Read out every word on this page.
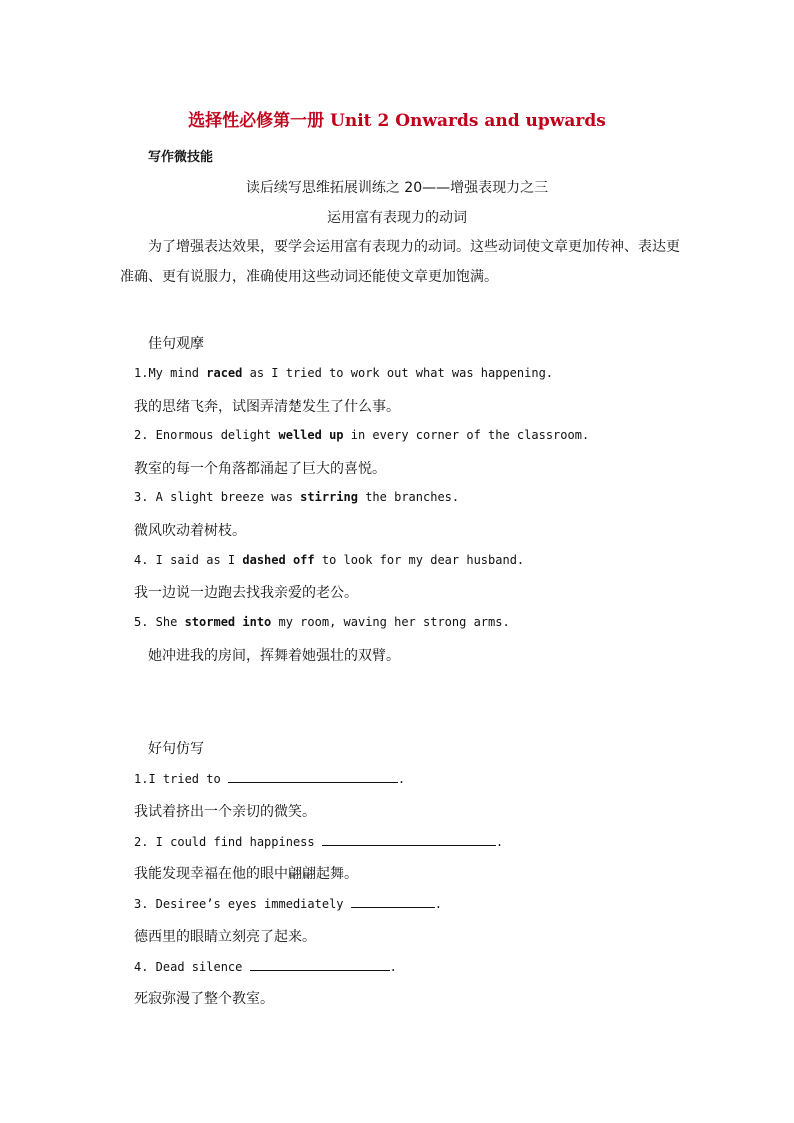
选择性必修第一册 Unit 2 Onwards and upwards
写作微技能
读后续写思维拓展训练之 20——增强表现力之三
运用富有表现力的动词
为了增强表达效果，要学会运用富有表现力的动词。这些动词使文章更加传神、表达更准确、更有说服力，准确使用这些动词还能使文章更加饱满。
佳句观摩
1.My mind raced as I tried to work out what was happening.
我的思绪飞奔，试图弄清楚发生了什么事。
2. Enormous delight welled up in every corner of the classroom.
教室的每一个角落都涌起了巨大的喜悦。
3. A slight breeze was stirring the branches.
微风吹动着树枝。
4. I said as I dashed off to look for my dear husband.
我一边说一边跑去找我亲爱的老公。
5. She stormed into my room, waving her strong arms.
她冲进我的房间，挥舞着她强壮的双臂。
好句仿写
1.I tried to	.
我试着挤出一个亲切的微笑。
2. I could find happiness	.
我能发现幸福在他的眼中翩翩起舞。
3. Desiree’s eyes immediately	.
德西里的眼睛立刻亮了起来。
4. Dead silence	.
死寂弥漫了整个教室。
